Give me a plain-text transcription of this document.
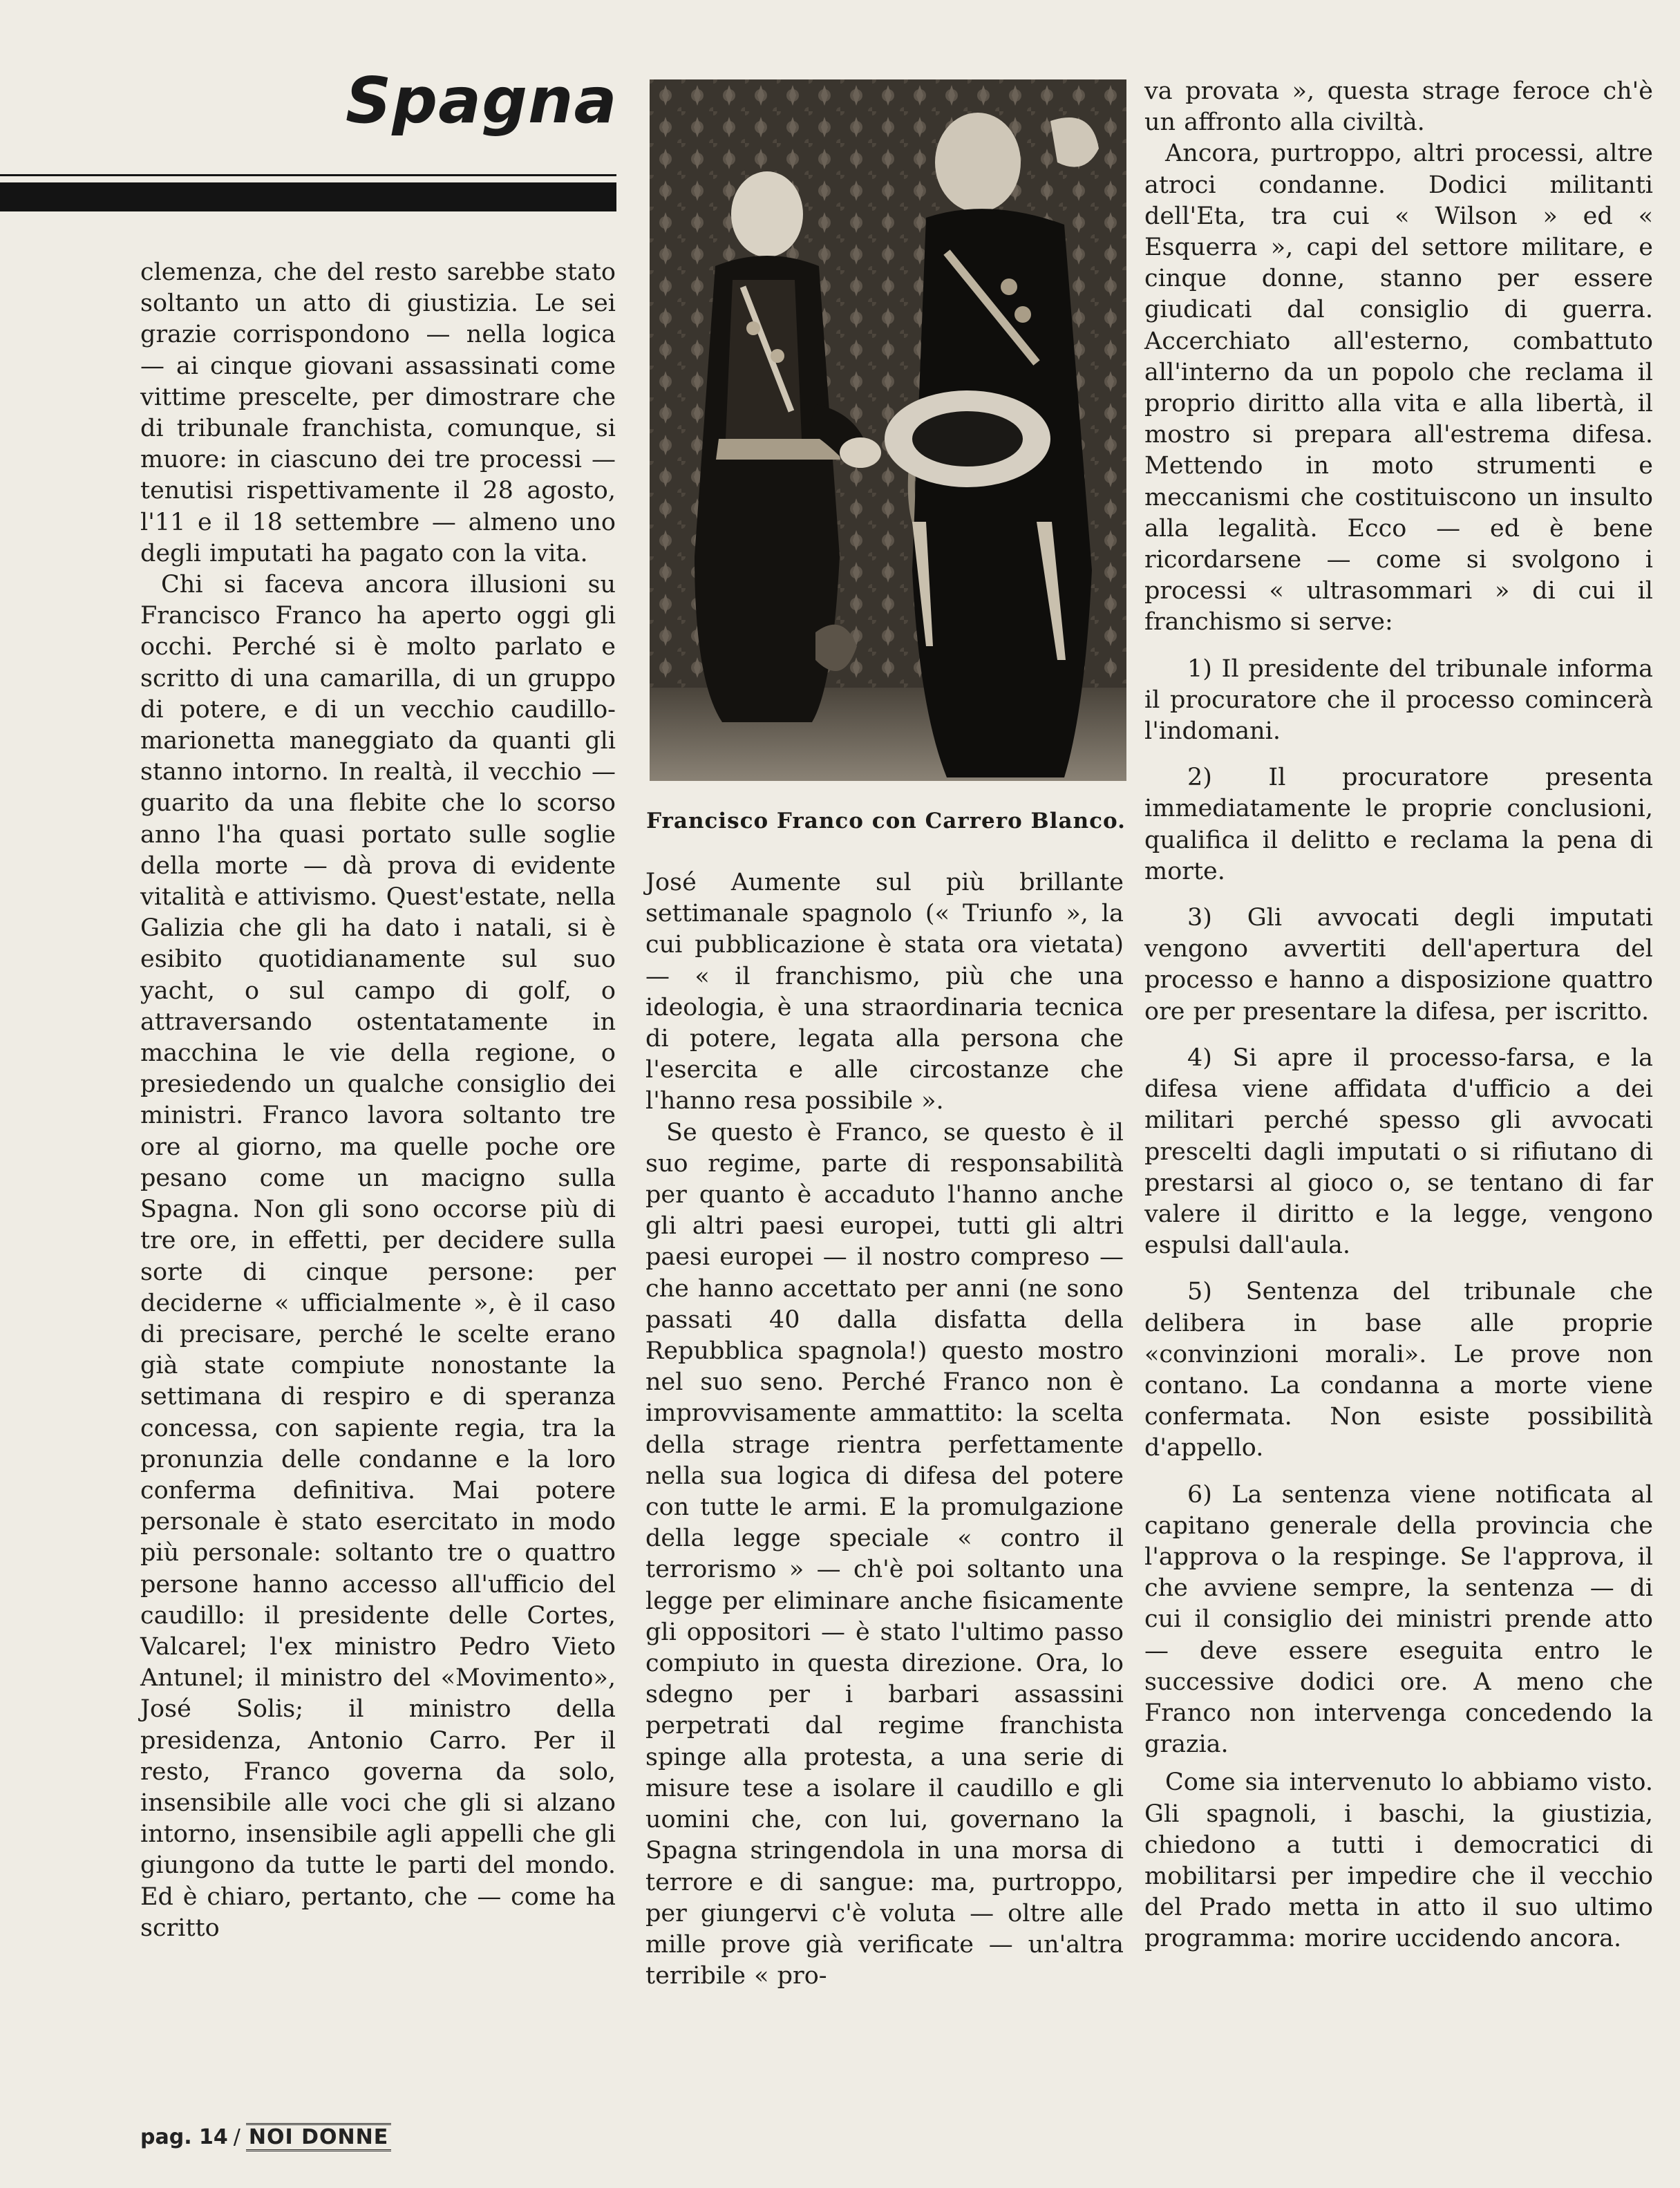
Spagna

Francisco Franco con Carrero Blanco.

clemenza, che del resto sarebbe stato soltanto un atto di giustizia. Le sei grazie corrispondono — nella logica — ai cinque giovani assassinati come vittime prescelte, per dimostrare che di tribunale franchista, comunque, si muore: in ciascuno dei tre processi — tenutisi rispettivamente il 28 agosto, l'11 e il 18 settembre — almeno uno degli imputati ha pagato con la vita.

Chi si faceva ancora illusioni su Francisco Franco ha aperto oggi gli occhi. Perché si è molto parlato e scritto di una camarilla, di un gruppo di potere, e di un vecchio caudillo-marionetta maneggiato da quanti gli stanno intorno. In realtà, il vecchio — guarito da una flebite che lo scorso anno l'ha quasi portato sulle soglie della morte — dà prova di evidente vitalità e attivismo. Quest'estate, nella Galizia che gli ha dato i natali, si è esibito quotidianamente sul suo yacht, o sul campo di golf, o attraversando ostentatamente in macchina le vie della regione, o presiedendo un qualche consiglio dei ministri. Franco lavora soltanto tre ore al giorno, ma quelle poche ore pesano come un macigno sulla Spagna. Non gli sono occorse più di tre ore, in effetti, per decidere sulla sorte di cinque persone: per deciderne « ufficialmente », è il caso di precisare, perché le scelte erano già state compiute nonostante la settimana di respiro e di speranza concessa, con sapiente regia, tra la pronunzia delle condanne e la loro conferma definitiva. Mai potere personale è stato esercitato in modo più personale: soltanto tre o quattro persone hanno accesso all'ufficio del caudillo: il presidente delle Cortes, Valcarel; l'ex ministro Pedro Vieto Antunel; il ministro del «Movimento», José Solis; il ministro della presidenza, Antonio Carro. Per il resto, Franco governa da solo, insensibile alle voci che gli si alzano intorno, insensibile agli appelli che gli giungono da tutte le parti del mondo. Ed è chiaro, pertanto, che — come ha scritto

José Aumente sul più brillante settimanale spagnolo (« Triunfo », la cui pubblicazione è stata ora vietata) — « il franchismo, più che una ideologia, è una straordinaria tecnica di potere, legata alla persona che l'esercita e alle circostanze che l'hanno resa possibile ».

Se questo è Franco, se questo è il suo regime, parte di responsabilità per quanto è accaduto l'hanno anche gli altri paesi europei, tutti gli altri paesi europei — il nostro compreso — che hanno accettato per anni (ne sono passati 40 dalla disfatta della Repubblica spagnola!) questo mostro nel suo seno. Perché Franco non è improvvisamente ammattito: la scelta della strage rientra perfettamente nella sua logica di difesa del potere con tutte le armi. E la promulgazione della legge speciale « contro il terrorismo » — ch'è poi soltanto una legge per eliminare anche fisicamente gli oppositori — è stato l'ultimo passo compiuto in questa direzione. Ora, lo sdegno per i barbari assassini perpetrati dal regime franchista spinge alla protesta, a una serie di misure tese a isolare il caudillo e gli uomini che, con lui, governano la Spagna stringendola in una morsa di terrore e di sangue: ma, purtroppo, per giungervi c'è voluta — oltre alle mille prove già verificate — un'altra terribile « pro-

va provata », questa strage feroce ch'è un affronto alla civiltà.

Ancora, purtroppo, altri processi, altre atroci condanne. Dodici militanti dell'Eta, tra cui « Wilson » ed « Esquerra », capi del settore militare, e cinque donne, stanno per essere giudicati dal consiglio di guerra. Accerchiato all'esterno, combattuto all'interno da un popolo che reclama il proprio diritto alla vita e alla libertà, il mostro si prepara all'estrema difesa. Mettendo in moto strumenti e meccanismi che costituiscono un insulto alla legalità. Ecco — ed è bene ricordarsene — come si svolgono i processi « ultrasommari » di cui il franchismo si serve:

1) Il presidente del tribunale informa il procuratore che il processo comincerà l'indomani.

2) Il procuratore presenta immediatamente le proprie conclusioni, qualifica il delitto e reclama la pena di morte.

3) Gli avvocati degli imputati vengono avvertiti dell'apertura del processo e hanno a disposizione quattro ore per presentare la difesa, per iscritto.

4) Si apre il processo-farsa, e la difesa viene affidata d'ufficio a dei militari perché spesso gli avvocati prescelti dagli imputati o si rifiutano di prestarsi al gioco o, se tentano di far valere il diritto e la legge, vengono espulsi dall'aula.

5) Sentenza del tribunale che delibera in base alle proprie «convinzioni morali». Le prove non contano. La condanna a morte viene confermata. Non esiste possibilità d'appello.

6) La sentenza viene notificata al capitano generale della provincia che l'approva o la respinge. Se l'approva, il che avviene sempre, la sentenza — di cui il consiglio dei ministri prende atto — deve essere eseguita entro le successive dodici ore. A meno che Franco non intervenga concedendo la grazia.

Come sia intervenuto lo abbiamo visto. Gli spagnoli, i baschi, la giustizia, chiedono a tutti i democratici di mobilitarsi per impedire che il vecchio del Prado metta in atto il suo ultimo programma: morire uccidendo ancora.

pag. 14 / NOI DONNE
